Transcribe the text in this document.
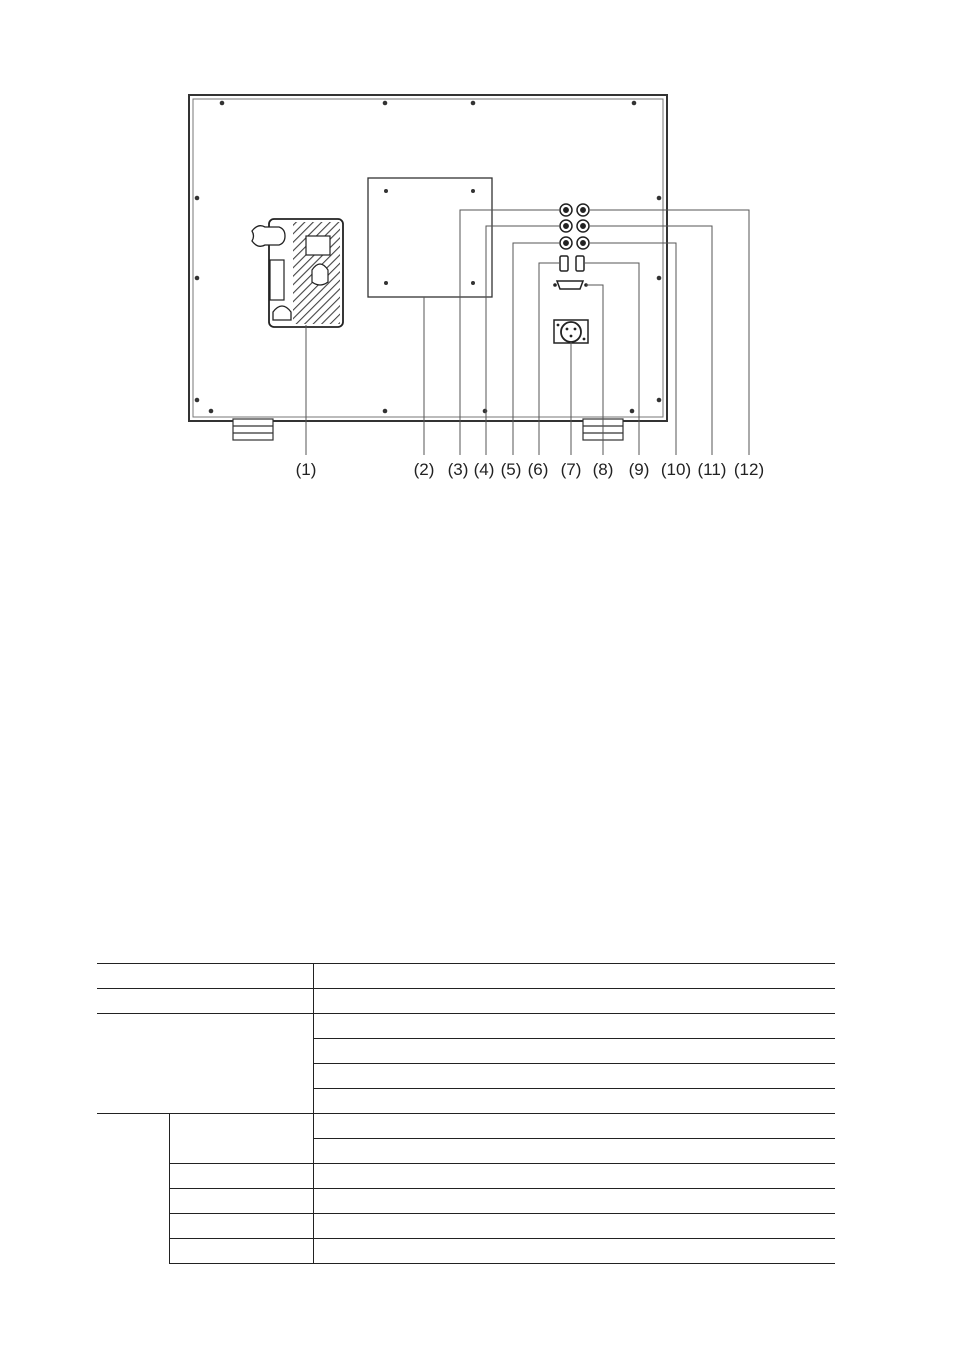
(1)	(2) (3) (4) (5) (6) (7) (8) (9) (10) (11) (12)
